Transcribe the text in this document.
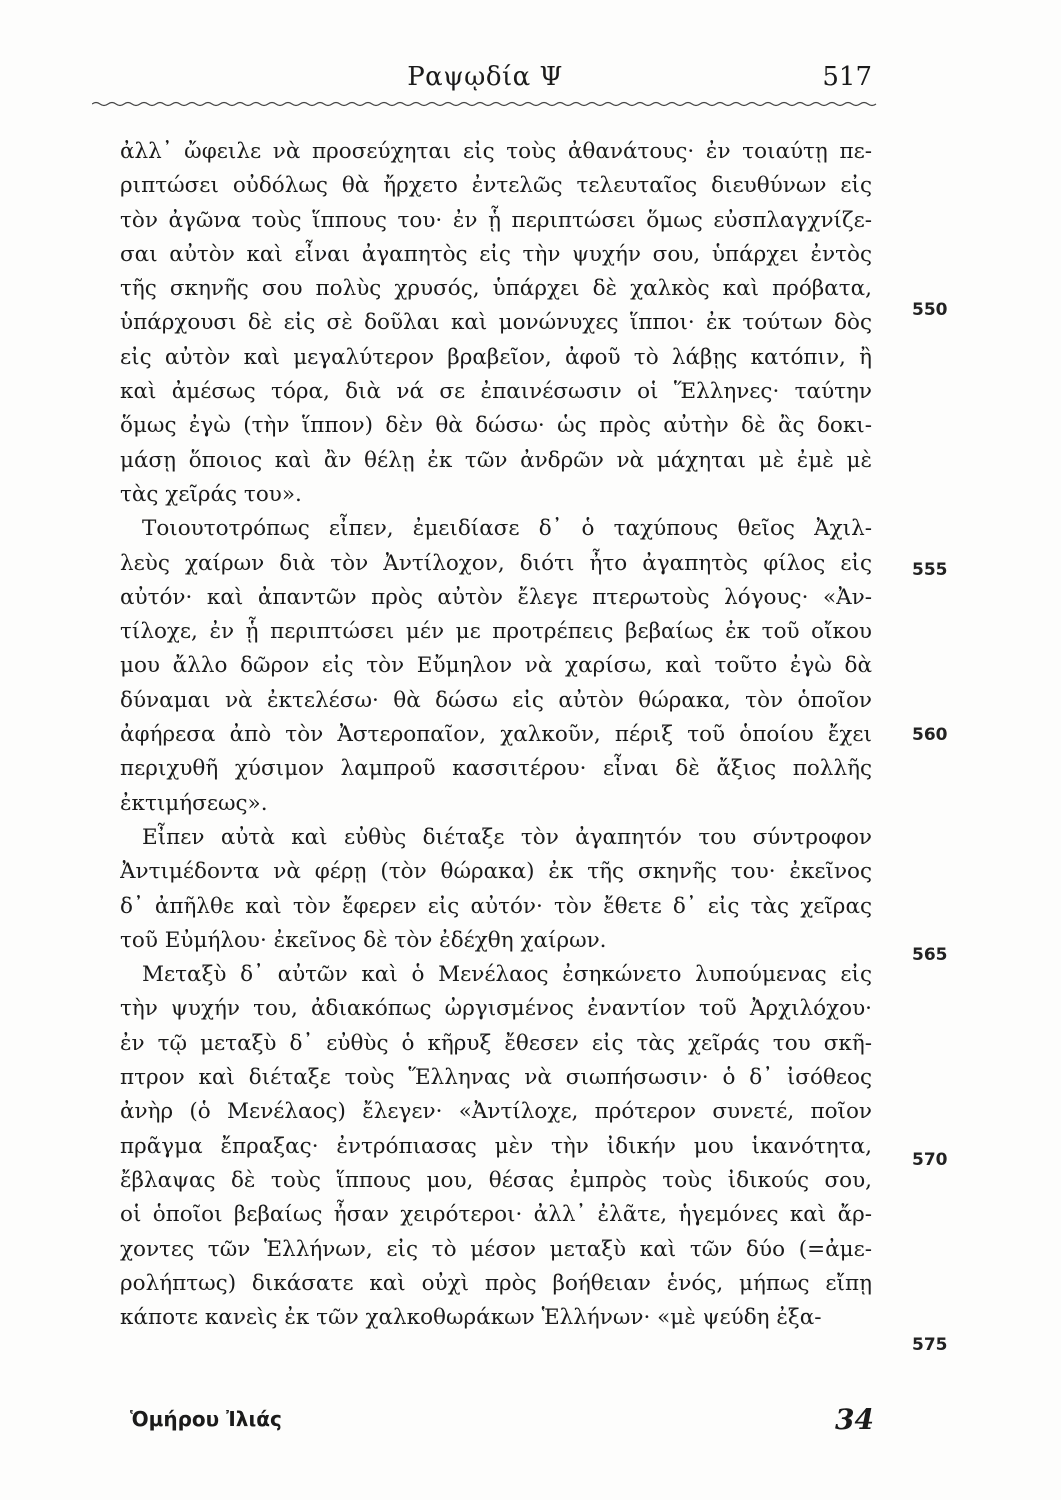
Ραψῳδία Ψ	517
ἀλλ᾽ ὤφειλε νὰ προσεύχηται εἰς τοὺς ἀθανάτους· ἐν τοιαύτῃ πε-
ριπτώσει οὐδόλως θὰ ἤρχετο ἐντελῶς τελευταῖος διευθύνων εἰς
τὸν ἀγῶνα τοὺς ἵππους του· ἐν ᾗ περιπτώσει ὅμως εὐσπλαγχνίζε-
σαι αὐτὸν καὶ εἶναι ἀγαπητὸς εἰς τὴν ψυχήν σου, ὑπάρχει ἐντὸς
τῆς σκηνῆς σου πολὺς χρυσός, ὑπάρχει δὲ χαλκὸς καὶ πρόβατα,
ὑπάρχουσι δὲ εἰς σὲ δοῦλαι καὶ μονώνυχες ἵπποι· ἐκ τούτων δὸς
εἰς αὐτὸν καὶ μεγαλύτερον βραβεῖον, ἀφοῦ τὸ λάβῃς κατόπιν, ἢ
καὶ ἀμέσως τόρα, διὰ νά σε ἐπαινέσωσιν οἱ Ἕλληνες· ταύτην
ὅμως ἐγὼ (τὴν ἵππον) δὲν θὰ δώσω· ὡς πρὸς αὐτὴν δὲ ἂς δοκι-
μάσῃ ὅποιος καὶ ἂν θέλῃ ἐκ τῶν ἀνδρῶν νὰ μάχηται μὲ ἐμὲ μὲ
τὰς χεῖράς του».
Τοιουτοτρόπως εἶπεν, ἐμειδίασε δ᾽ ὁ ταχύπους θεῖος Ἀχιλ-
λεὺς χαίρων διὰ τὸν Ἀντίλοχον, διότι ἦτο ἀγαπητὸς φίλος εἰς
αὐτόν· καὶ ἀπαντῶν πρὸς αὐτὸν ἔλεγε πτερωτοὺς λόγους· «Ἀν-
τίλοχε, ἐν ᾗ περιπτώσει μέν με προτρέπεις βεβαίως ἐκ τοῦ οἴκου
μου ἄλλο δῶρον εἰς τὸν Εὔμηλον νὰ χαρίσω, καὶ τοῦτο ἐγὼ δὰ
δύναμαι νὰ ἐκτελέσω· θὰ δώσω εἰς αὐτὸν θώρακα, τὸν ὁποῖον
ἀφήρεσα ἀπὸ τὸν Ἀστεροπαῖον, χαλκοῦν, πέριξ τοῦ ὁποίου ἔχει
περιχυθῆ χύσιμον λαμπροῦ κασσιτέρου· εἶναι δὲ ἄξιος πολλῆς
ἐκτιμήσεως».
Εἶπεν αὐτὰ καὶ εὐθὺς διέταξε τὸν ἀγαπητόν του σύντροφον
Ἀντιμέδοντα νὰ φέρῃ (τὸν θώρακα) ἐκ τῆς σκηνῆς του· ἐκεῖνος
δ᾽ ἀπῆλθε καὶ τὸν ἔφερεν εἰς αὐτόν· τὸν ἔθετε δ᾽ εἰς τὰς χεῖρας
τοῦ Εὐμήλου· ἐκεῖνος δὲ τὸν ἐδέχθη χαίρων.
Μεταξὺ δ᾽ αὐτῶν καὶ ὁ Μενέλαος ἐσηκώνετο λυπούμενας εἰς
τὴν ψυχήν του, ἀδιακόπως ὠργισμένος ἐναντίον τοῦ Ἀρχιλόχου·
ἐν τῷ μεταξὺ δ᾽ εὐθὺς ὁ κῆρυξ ἔθεσεν εἰς τὰς χεῖράς του σκῆ-
πτρον καὶ διέταξε τοὺς Ἕλληνας νὰ σιωπήσωσιν· ὁ δ᾽ ἰσόθεος
ἀνὴρ (ὁ Μενέλαος) ἔλεγεν· «Ἀντίλοχε, πρότερον συνετέ, ποῖον
πρᾶγμα ἔπραξας· ἐντρόπιασας μὲν τὴν ἰδικήν μου ἱκανότητα,
ἔβλαψας δὲ τοὺς ἵππους μου, θέσας ἐμπρὸς τοὺς ἰδικούς σου,
οἱ ὁποῖοι βεβαίως ἦσαν χειρότεροι· ἀλλ᾽ ἐλᾶτε, ἡγεμόνες καὶ ἄρ-
χοντες τῶν Ἑλλήνων, εἰς τὸ μέσον μεταξὺ καὶ τῶν δύο (=ἀμε-
ρολήπτως) δικάσατε καὶ οὐχὶ πρὸς βοήθειαν ἑνός, μήπως εἴπῃ
κάποτε κανεὶς ἐκ τῶν χαλκοθωράκων Ἑλλήνων· «μὲ ψεύδη ἐξα-
550
555
560
565
570
575
Ὁμήρου Ἰλιάς	34
